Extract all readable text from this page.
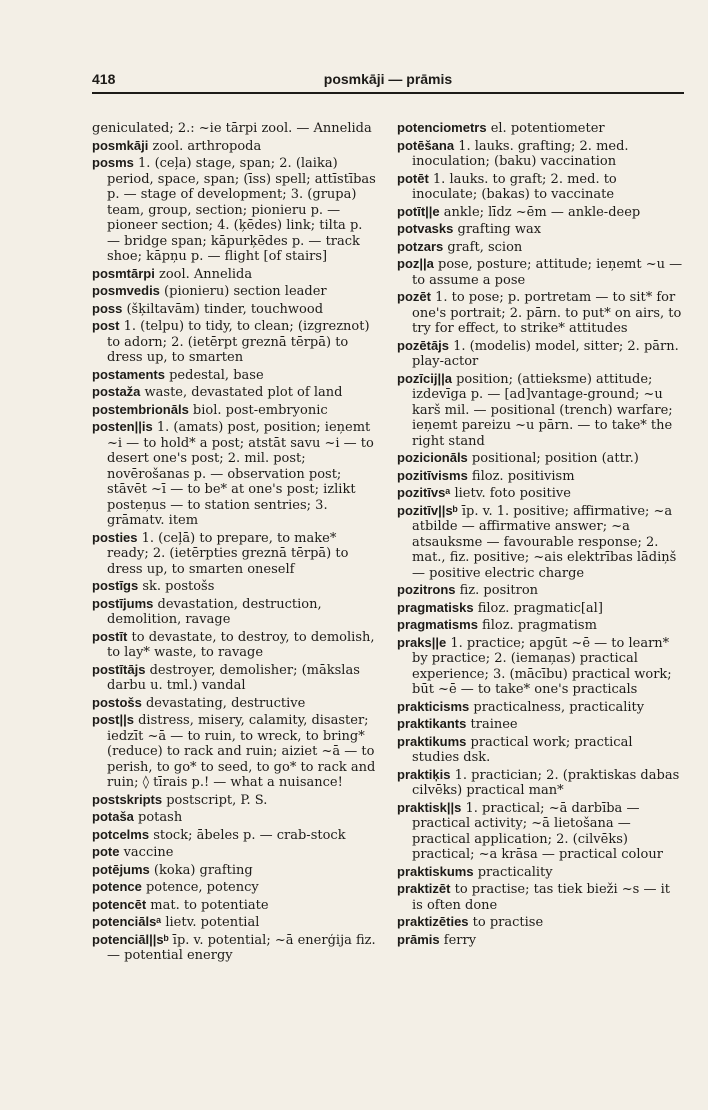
418	posmkāji — prāmis

geniculated; 2.: ~ie tārpi zool. — Annelida

posmkāji zool. arthropoda

posms 1. (ceļa) stage, span; 2. (laika) period, space, span; (īss) spell; attīstības p. — stage of development; 3. (grupa) team, group, section; pionieru p. — pioneer section; 4. (ķēdes) link; tilta p. — bridge span; kāpurķēdes p. — track shoe; kāpņu p. — flight [of stairs]

posmtārpi zool. Annelida

posmvedis (pionieru) section leader

poss (šķiltavām) tinder, touchwood

post 1. (telpu) to tidy, to clean; (izgreznot) to adorn; 2. (ietērpt greznā tērpā) to dress up, to smarten

postaments pedestal, base

postaža waste, devastated plot of land

postembrionāls biol. post-embryonic

posten||is 1. (amats) post, position; ieņemt ~i — to hold* a post; atstāt savu ~i — to desert one's post; 2. mil. post; novērošanas p. — observation post; stāvēt ~ī — to be* at one's post; izlikt posteņus — to station sentries; 3. grāmatv. item

posties 1. (ceļā) to prepare, to make* ready; 2. (ietērpties greznā tērpā) to dress up, to smarten oneself

postīgs sk. postošs

postījums devastation, destruction, demolition, ravage

postīt to devastate, to destroy, to demolish, to lay* waste, to ravage

postītājs destroyer, demolisher; (mākslas darbu u. tml.) vandal

postošs devastating, destructive

post||s distress, misery, calamity, disaster; iedzīt ~ā — to ruin, to wreck, to bring* (reduce) to rack and ruin; aiziet ~ā — to perish, to go* to seed, to go* to rack and ruin; ◊ tīrais p.! — what a nuisance!

postskripts postscript, P. S.

potaša potash

potcelms stock; ābeles p. — crab-stock

pote vaccine

potējums (koka) grafting

potence potence, potency

potencēt mat. to potentiate

potenciālsᵃ lietv. potential

potenciāl||sᵇ īp. v. potential; ~ā enerģija fiz. — potential energy

potenciometrs el. potentiometer

potēšana 1. lauks. grafting; 2. med. inoculation; (baku) vaccination

potēt 1. lauks. to graft; 2. med. to inoculate; (bakas) to vaccinate

potīt||e ankle; līdz ~ēm — ankle-deep

potvasks grafting wax

potzars graft, scion

poz||a pose, posture; attitude; ieņemt ~u — to assume a pose

pozēt 1. to pose; p. portretam — to sit* for one's portrait; 2. pārn. to put* on airs, to try for effect, to strike* attitudes

pozētājs 1. (modelis) model, sitter; 2. pārn. play-actor

pozīcij||a position; (attieksme) attitude; izdevīga p. — [ad]vantage-ground; ~u karš mil. — positional (trench) warfare; ieņemt pareizu ~u pārn. — to take* the right stand

pozicionāls positional; position (attr.)

pozitīvisms filoz. positivism

pozitīvsᵃ lietv. foto positive

pozitīv||sᵇ īp. v. 1. positive; affirmative; ~a atbilde — affirmative answer; ~a atsauksme — favourable response; 2. mat., fiz. positive; ~ais elektrības lādiņš — positive electric charge

pozitrons fiz. positron

pragmatisks filoz. pragmatic[al]

pragmatisms filoz. pragmatism

praks||e 1. practice; apgūt ~ē — to learn* by practice; 2. (iemaņas) practical experience; 3. (mācību) practical work; būt ~ē — to take* one's practicals

prakticisms practicalness, practicality

praktikants trainee

praktikums practical work; practical studies dsk.

praktiķis 1. practician; 2. (praktiskas dabas cilvēks) practical man*

praktisk||s 1. practical; ~ā darbība — practical activity; ~ā lietošana — practical application; 2. (cilvēks) practical; ~a krāsa — practical colour

praktiskums practicality

praktizēt to practise; tas tiek bieži ~s — it is often done

praktizēties to practise

prāmis ferry
